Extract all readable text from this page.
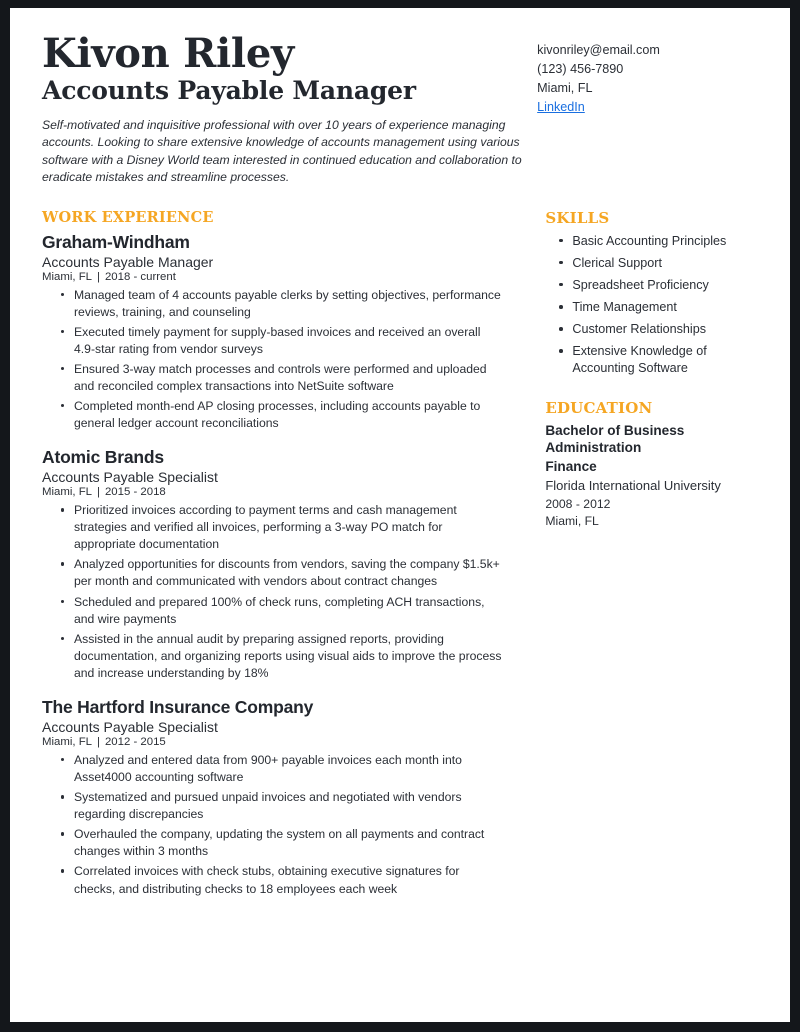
Kivon Riley
Accounts Payable Manager

Self-motivated and inquisitive professional with over 10 years of experience managing accounts. Looking to share extensive knowledge of accounts management using various software with a Disney World team interested in continued education and collaboration to eradicate mistakes and streamline processes.

kivonriley@email.com
(123) 456-7890
Miami, FL
LinkedIn
WORK EXPERIENCE
Graham-Windham
Accounts Payable Manager
Miami, FL | 2018 - current
Managed team of 4 accounts payable clerks by setting objectives, performance reviews, training, and counseling
Executed timely payment for supply-based invoices and received an overall 4.9-star rating from vendor surveys
Ensured 3-way match processes and controls were performed and uploaded and reconciled complex transactions into NetSuite software
Completed month-end AP closing processes, including accounts payable to general ledger account reconciliations
Atomic Brands
Accounts Payable Specialist
Miami, FL | 2015 - 2018
Prioritized invoices according to payment terms and cash management strategies and verified all invoices, performing a 3-way PO match for appropriate documentation
Analyzed opportunities for discounts from vendors, saving the company $1.5k+ per month and communicated with vendors about contract changes
Scheduled and prepared 100% of check runs, completing ACH transactions, and wire payments
Assisted in the annual audit by preparing assigned reports, providing documentation, and organizing reports using visual aids to improve the process and increase understanding by 18%
The Hartford Insurance Company
Accounts Payable Specialist
Miami, FL | 2012 - 2015
Analyzed and entered data from 900+ payable invoices each month into Asset4000 accounting software
Systematized and pursued unpaid invoices and negotiated with vendors regarding discrepancies
Overhauled the company, updating the system on all payments and contract changes within 3 months
Correlated invoices with check stubs, obtaining executive signatures for checks, and distributing checks to 18 employees each week
SKILLS
Basic Accounting Principles
Clerical Support
Spreadsheet Proficiency
Time Management
Customer Relationships
Extensive Knowledge of Accounting Software
EDUCATION
Bachelor of Business Administration
Finance
Florida International University
2008 - 2012
Miami, FL
